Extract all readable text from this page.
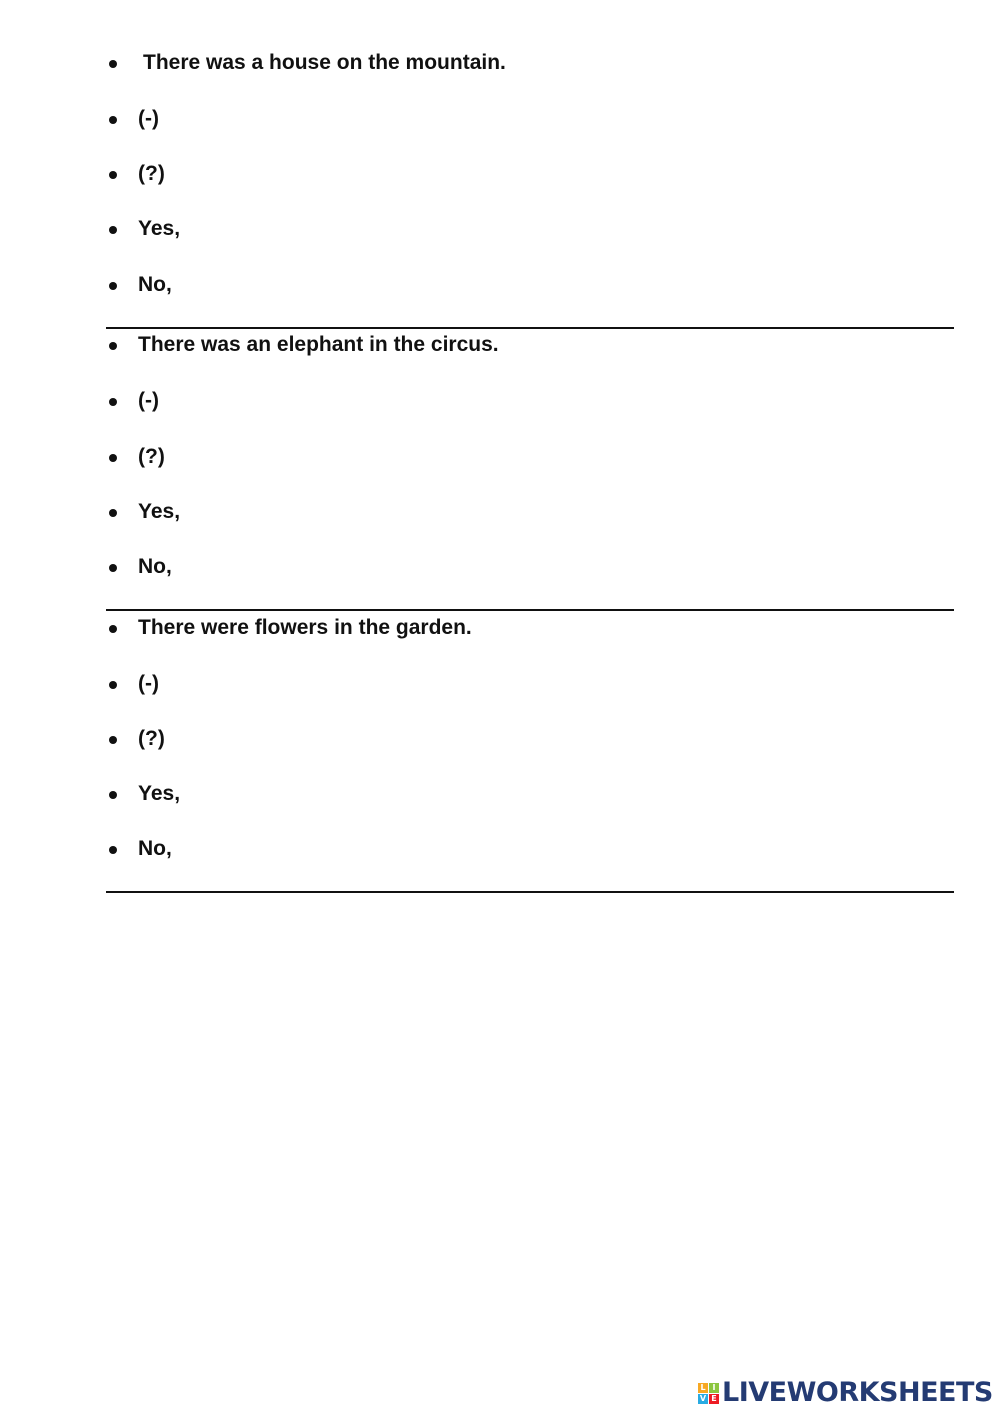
There was a house on the mountain.
(-)
(?)
Yes,
No,
There was an elephant in the circus.
(-)
(?)
Yes,
No,
There were flowers in the garden.
(-)
(?)
Yes,
No,
L I
V E LIVEWORKSHEETS
